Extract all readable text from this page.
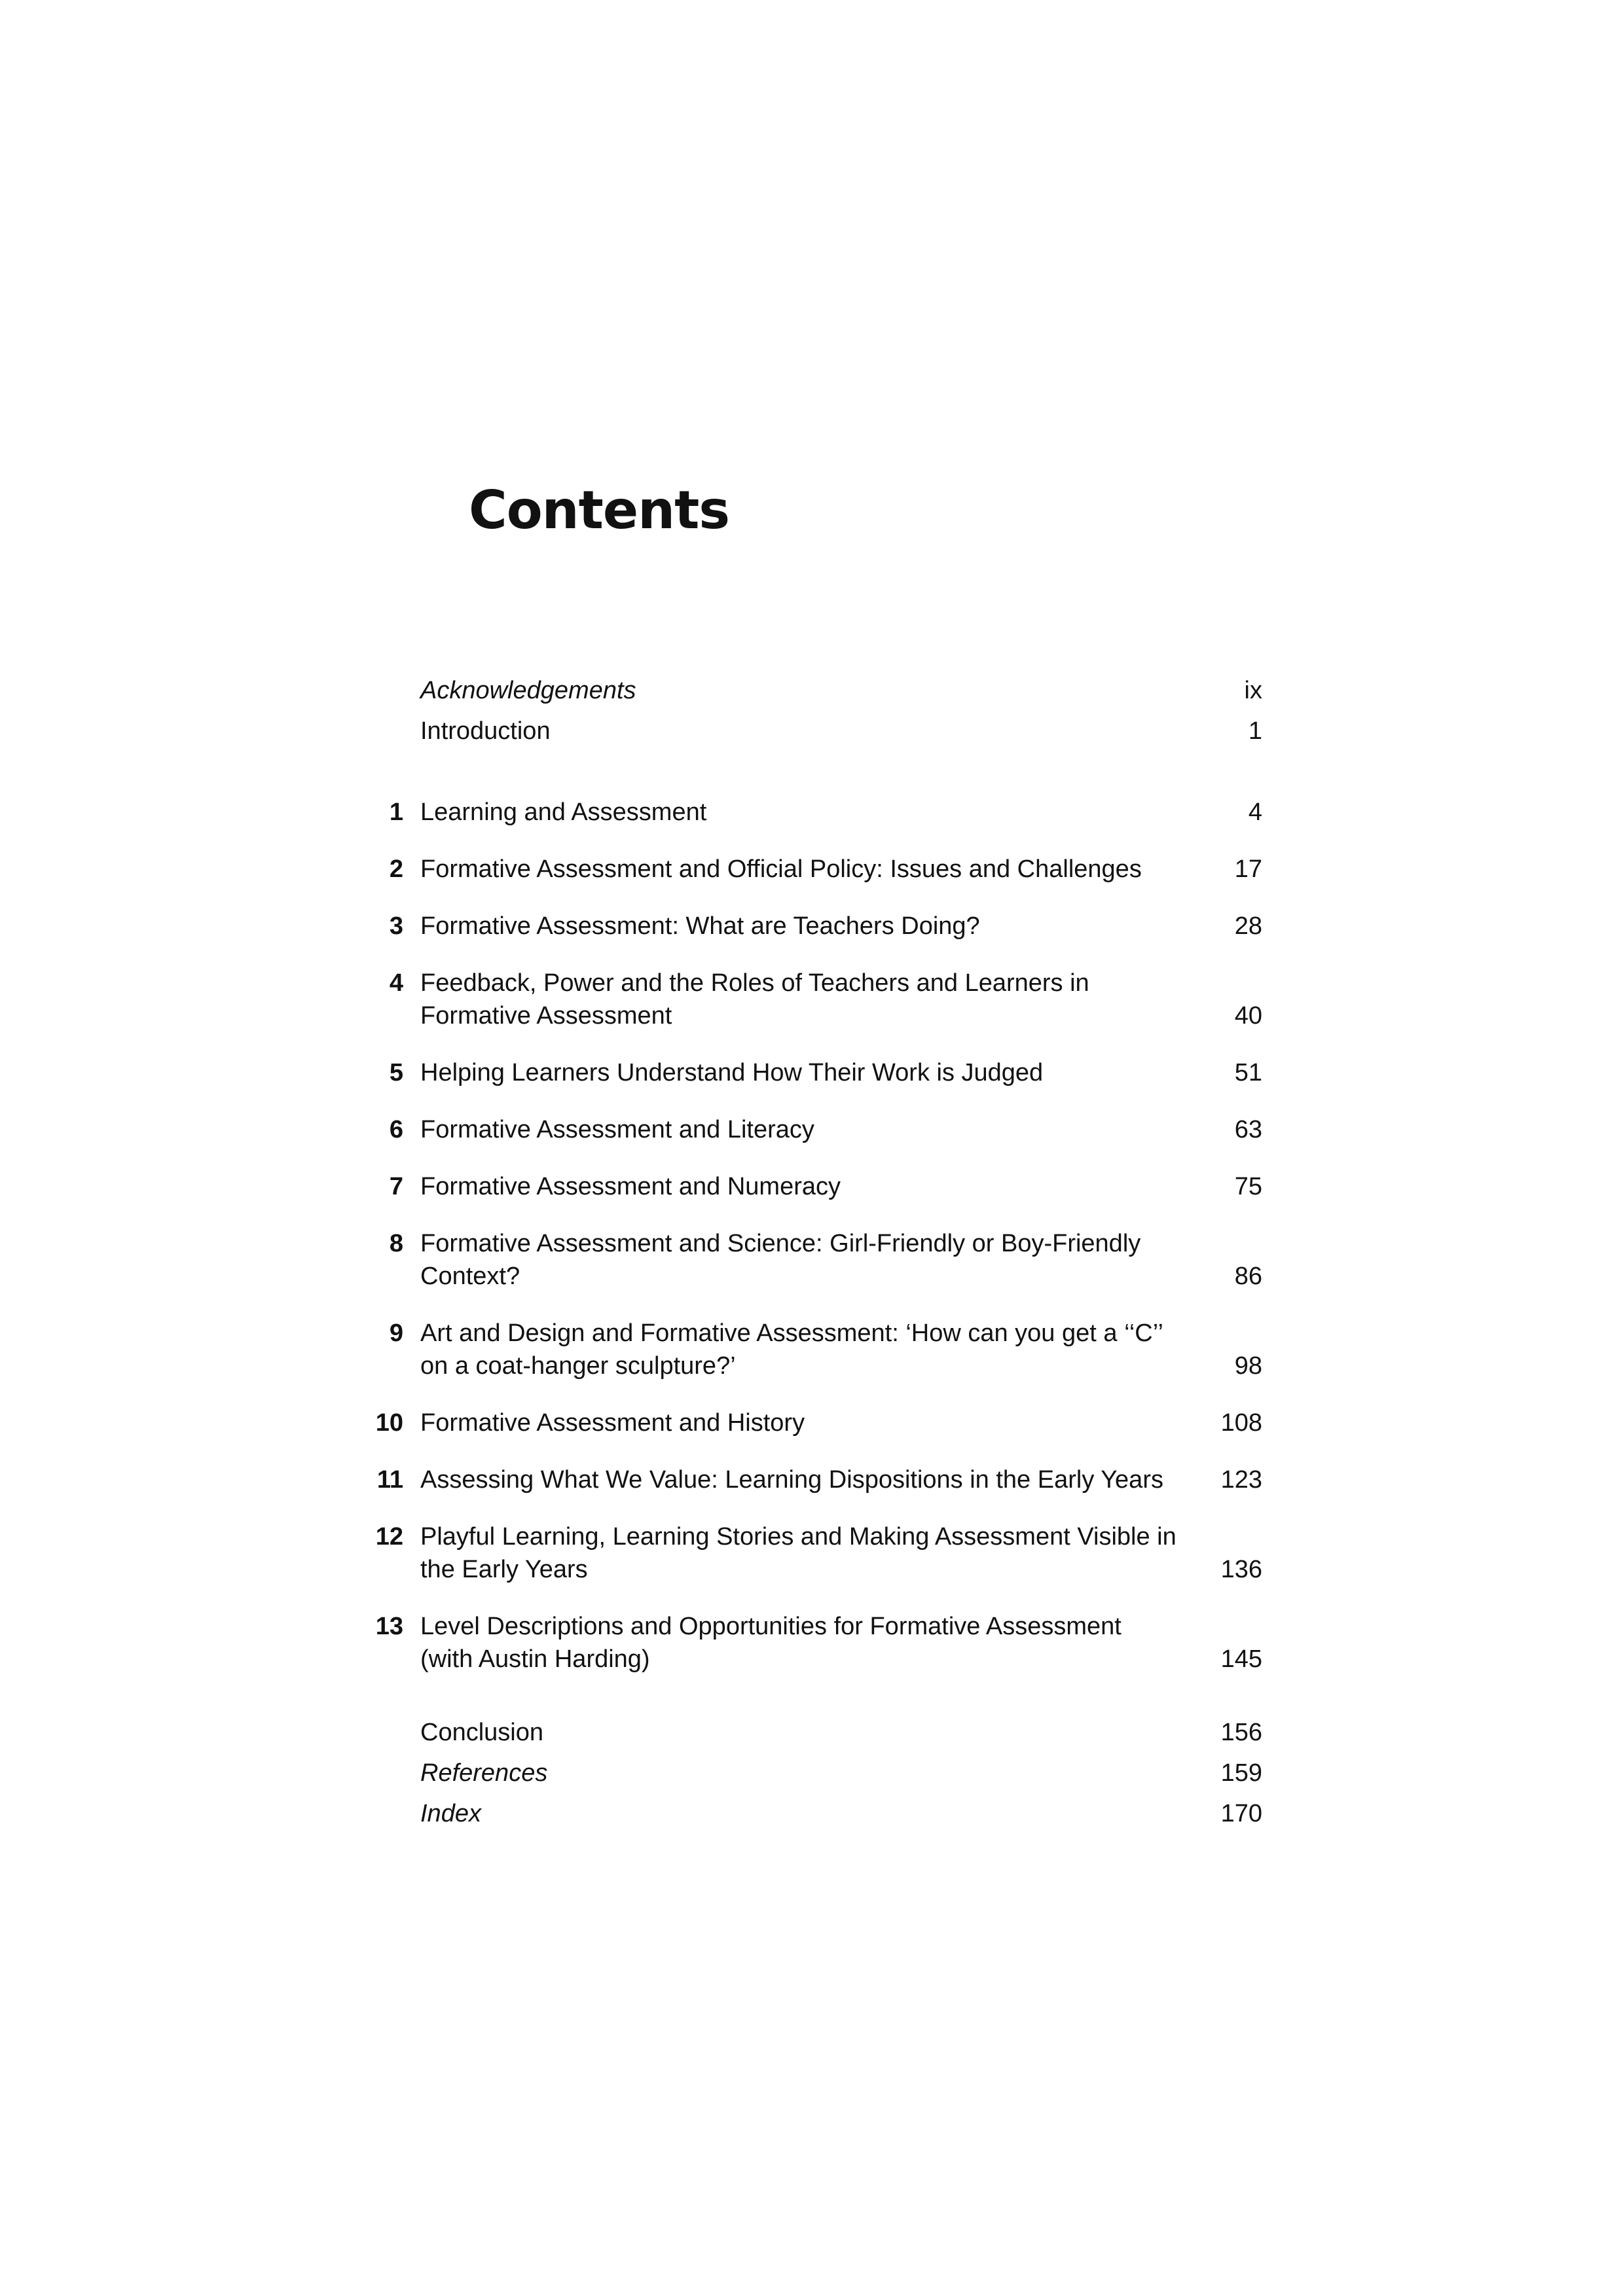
Contents
Acknowledgements	ix
Introduction	1
1 Learning and Assessment	4
2 Formative Assessment and Official Policy: Issues and Challenges	17
3 Formative Assessment: What are Teachers Doing?	28
4 Feedback, Power and the Roles of Teachers and Learners in Formative Assessment	40
5 Helping Learners Understand How Their Work is Judged	51
6 Formative Assessment and Literacy	63
7 Formative Assessment and Numeracy	75
8 Formative Assessment and Science: Girl-Friendly or Boy-Friendly Context?	86
9 Art and Design and Formative Assessment: ‘How can you get a ‘‘C’’ on a coat-hanger sculpture?’	98
10 Formative Assessment and History	108
11 Assessing What We Value: Learning Dispositions in the Early Years	123
12 Playful Learning, Learning Stories and Making Assessment Visible in the Early Years	136
13 Level Descriptions and Opportunities for Formative Assessment (with Austin Harding)	145
Conclusion	156
References	159
Index	170
